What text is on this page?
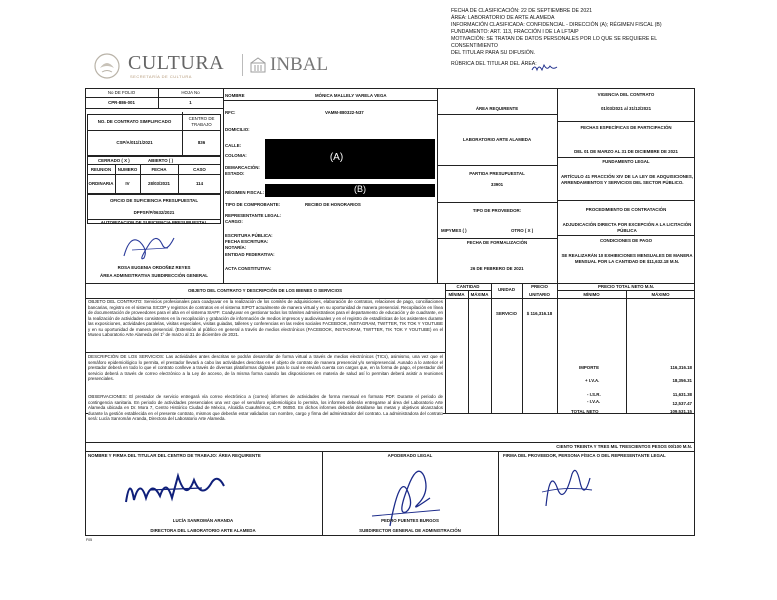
CULTURA
SECRETARÍA DE CULTURA
INBAL
FECHA DE CLASIFICACIÓN: 22 DE SEPTIEMBRE DE 2021
ÁREA: LABORATORIO DE ARTE ALAMEDA
INFORMACIÓN CLASIFICADA: CONFIDENCIAL - DIRECCIÓN (A); RÉGIMEN FISCAL (B)
FUNDAMENTO: ART. 113, FRACCIÓN I DE LA LFTAIP
MOTIVACIÓN: SE TRATAN DE DATOS PERSONALES POR LO QUE SE REQUIERE EL CONSENTIMIENTO
DEL TITULAR PARA SU DIFUSIÓN.
RÚBRICA DEL TITULAR DEL ÁREA:
No DE FOLIO	HOJA No
CPR-886-001	1
NO. DE CONTRATO SIMPLIFICADO
CENTRO DE TRABAJO
CSP/A/011/1/2021	836
CERRADO ( X )	ABIERTO ( )
REUNION	NUMERO	FECHA	CASO
ORDINARIA	IV	28/03/2021	114
OFICIO DE SUFICIENCIA PRESUPUESTAL
DPPSF/P/0632/2021
AUTORIZACION DE SUFICIENCIA PRESUPUESTAL
ROSA EUGENIA ORDOÑEZ REYES
ÁREA ADMINISTRATIVA SUBDIRECCIÓN GENERAL
NOMBRE	MÓNICA MALLELY VARELA VEGA
RFC:	VAMM-880322-N37
DOMICILIO:
CALLE:
COLONIA:
DEMARCACIÓN:
ESTADO:
(A)
RÉGIMEN FISCAL:	(B)
TIPO DE COMPROBANTE:	RECIBO DE HONORARIOS
REPRESENTANTE LEGAL:
CARGO:
ESCRITURA PÚBLICA:
FECHA ESCRITURA:
NOTARÍA:
ENTIDAD FEDERATIVA:
ACTA CONSTITUTIVA:
ÁREA REQUIRENTE
LABORATORIO ARTE ALAMEDA
PARTIDA PRESUPUESTAL
33901
TIPO DE PROVEEDOR:
MIPYMES ( )	OTRO ( X )
FECHA DE FORMALIZACIÓN
26 DE FEBRERO DE 2021
VIGENCIA DEL CONTRATO
01/03/2021 al 31/12/2021
FECHAS ESPECÍFICAS DE PARTICIPACIÓN
DEL 01 DE MARZO AL 31 DE DICIEMBRE DE 2021
FUNDAMENTO LEGAL
ARTÍCULO 41 FRACCIÓN XIV DE LA LEY DE ADQUISICIONES, ARRENDAMIENTOS Y SERVICIOS DEL SECTOR PÚBLICO.
PROCEDIMIENTO DE CONTRATACIÓN
ADJUDICACIÓN DIRECTA POR EXCEPCIÓN A LA LICITACIÓN PÚBLICA
CONDICIONES DE PAGO
SE REALIZARÁN 10 EXHIBICIONES MENSUALES DE MANERA MENSUAL POR LA CANTIDAD DE $11,632.18 M.N.
OBJETO DEL CONTRATO Y DESCRIPCIÓN DE LOS BIENES O SERVICIOS
CANTIDAD
MÍNIMA	MÁXIMA
UNIDAD
PRECIO
UNITARIO
PRECIO TOTAL NETO M.N.
MÍNIMO	MÁXIMO
OBJETO DEL CONTRATO: Servicios profesionales para coadyuvar en la realización de los comités de adquisiciones, elaboración de contratos, relaciones de pago, conciliaciones bancarias, registro en el sistema SICOP y registros de contratos en el sistema SIPOT actualmente de manera virtual y en su oportunidad de manera presencial. Recopilación en línea de documentación de proveedores para el alta en el sistema SIAFF. Coadyuvar en gestionar todos los trámites administrativos para el departamento de educación y de cuadrante, en la realización de actividades consistentes en la recopilación y grabación de información de medios impresos y audiovisuales y en el registro de estadísticas de los asistentes durante las exposiciones, actividades paralelas, visitas especiales, visitas guiadas, talleres y conferencias en las redes sociales FACEBOOK, INSTAGRAM, TWITTER, TIK TOK Y YOUTUBE y en su oportunidad de manera presencial. (Extensión al público en general a través de medios electrónicos (FACEBOOK, INSTAGRAM, TWITTER, TIK TOK Y YOUTUBE) en el Museo Laboratorio Arte Alameda del 1º de marzo al 31 de diciembre de 2021.
SERVICIO	$ 116,316.18
DESCRIPCIÓN DE LOS SERVICIOS: Las actividades antes descritas se podrán desarrollar de forma virtual a través de medios electrónicos (TICs), asimismo, una vez que el semáforo epidemiológico lo permita, el prestador llevará a cabo las actividades descritas en el objeto de contrato de manera presencial y/o semipresencial. Aunado a lo anterior el prestador deberá en todo lo que el contrato conlleve a través de diversas plataformas digitales para lo cual se enviará cuenta con cargos que, en la forma de pago, el prestador del servicio deberá a través de correo electrónico a la Ley de acceso, de la misma forma cuando las disposiciones en materia de salud así lo permitan deberá asistir a reuniones presenciales.
OBSERVACIONES: El prestador de servicio entregará vía correo electrónico a (correo) informes de actividades de forma mensual en formato PDF. Durante el periodo de contingencia sanitaria. En periodo de actividades presenciales una vez que el semáforo epidemiológico lo permita, los informes deberán entregarse al área del Laboratorio Arte Alameda ubicada en Dr. Mora 7, Centro Histórico Ciudad de México, Alcaldía Cuauhtémoc, C.P. 06050. En dichos informes deberán detallarse las metas y objetivos alcanzados durante la gestión establecida en el presente contrato, mismos que deberán estar validados con nombre, cargo y firma del administrador del contrato. La administradora del contrato será: Lucía Sanromán Aranda, Directora del Laboratorio Arte Alameda.
IMPORTE	116,316.18
+ I.V.A.	18,356.31
- I.S.R.	11,631.38
- I.V.A.	12,537.47
TOTAL NETO	109,531.15
CIENTO TREINTA Y TRES MIL TRESCIENTOS PESOS 00/100 M.N.
NOMBRE Y FIRMA DEL TITULAR DEL CENTRO DE TRABAJO: ÁREA REQUIRENTE
LUCÍA SANROMÁN ARANDA
DIRECTORA DEL LABORATORIO ARTE ALAMEDA
APODERADO LEGAL
PEDRO FUENTES BURGOS
SUBDIRECTOR GENERAL DE ADMINISTRACIÓN
FIRMA DEL PROVEEDOR, PERSONA FÍSICA O DEL REPRESENTANTE LEGAL
F05
